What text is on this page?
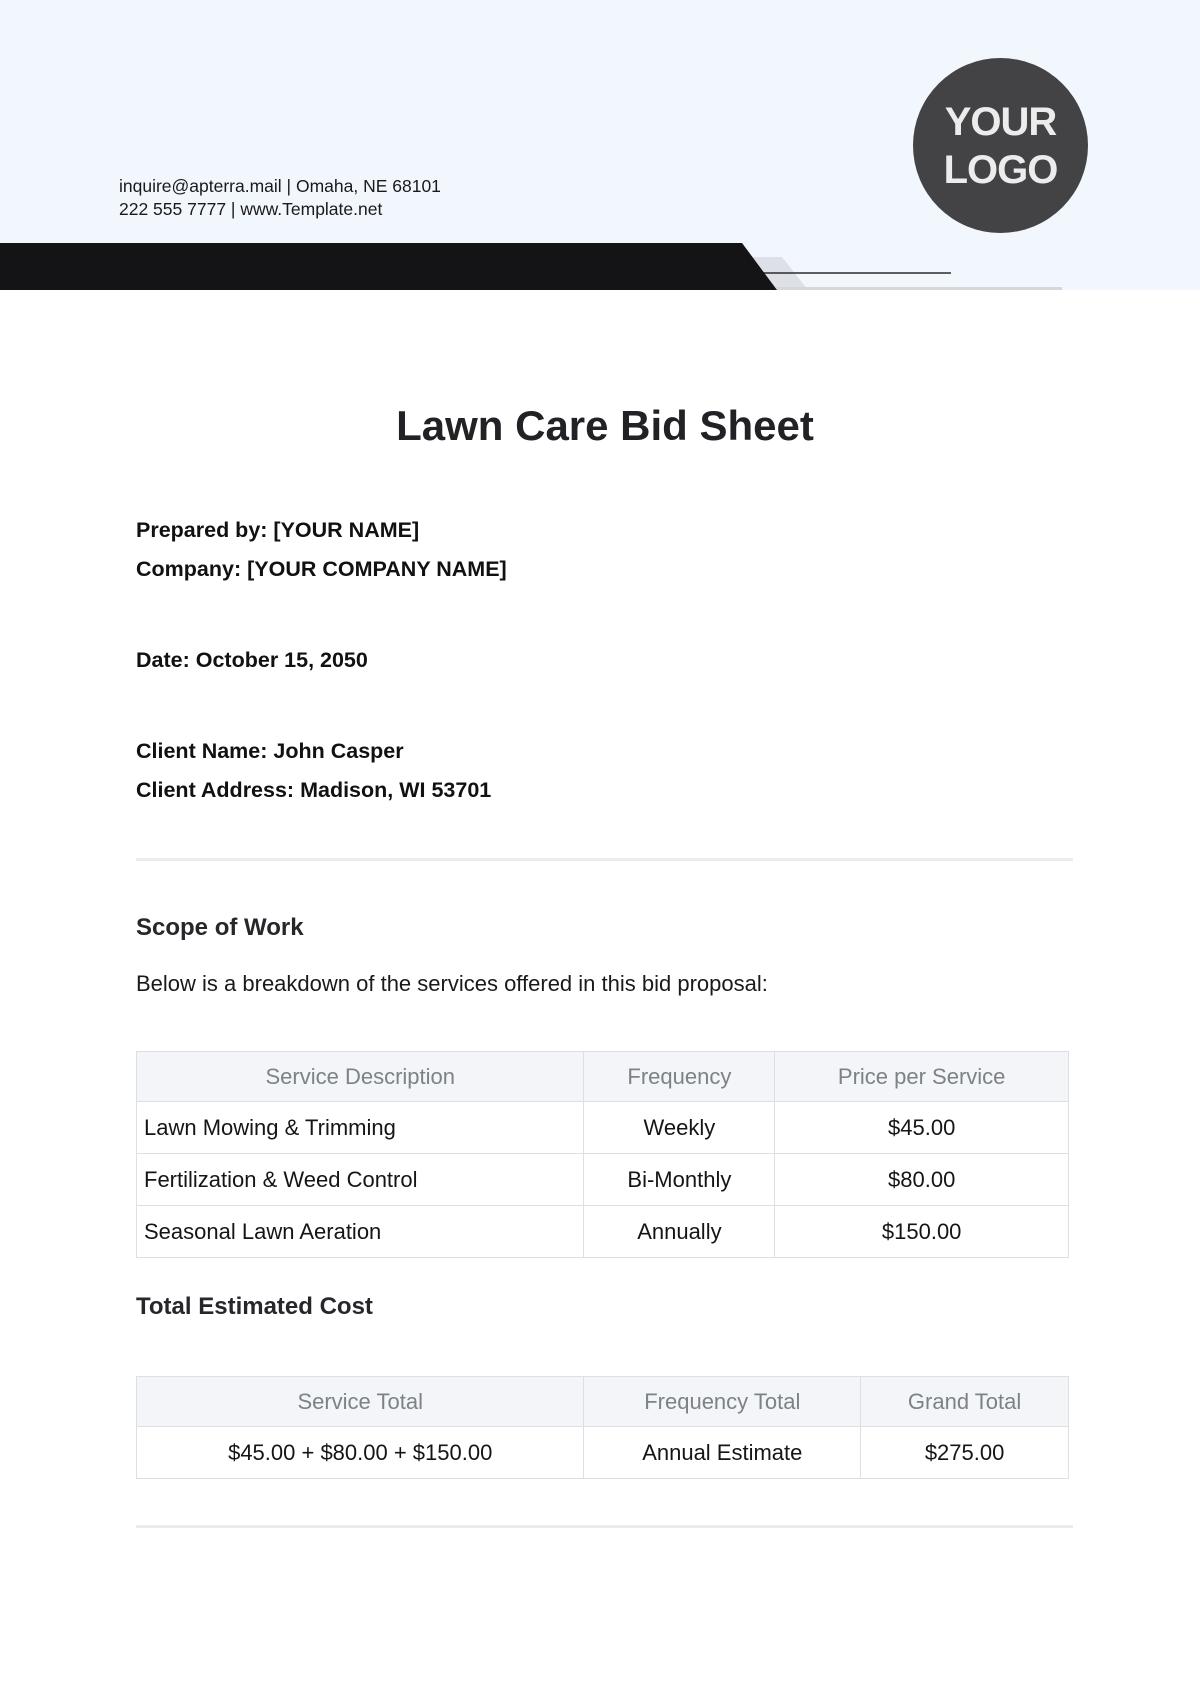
inquire@apterra.mail | Omaha, NE 68101
222 555 7777 | www.Template.net
YOUR
LOGO
Lawn Care Bid Sheet
Prepared by: [YOUR NAME]
Company: [YOUR COMPANY NAME]
Date: October 15, 2050
Client Name: John Casper
Client Address: Madison, WI 53701
Scope of Work
Below is a breakdown of the services offered in this bid proposal:
Service Description	Frequency	Price per Service
Lawn Mowing & Trimming	Weekly	$45.00
Fertilization & Weed Control	Bi-Monthly	$80.00
Seasonal Lawn Aeration	Annually	$150.00
Total Estimated Cost
Service Total	Frequency Total	Grand Total
$45.00 + $80.00 + $150.00	Annual Estimate	$275.00
